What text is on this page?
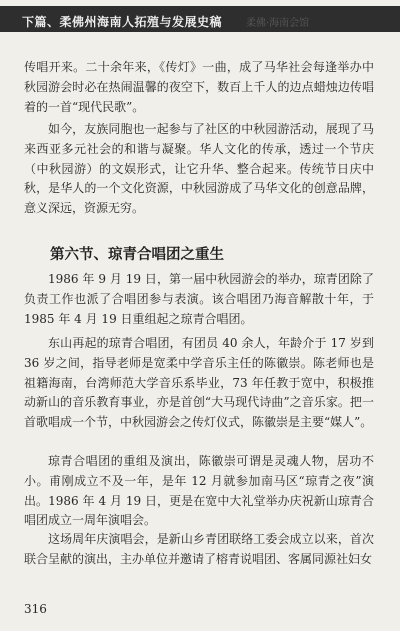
下篇、柔佛州海南人拓殖与发展史稿 柔佛·海南会馆

传唱开来。二十余年来，《传灯》一曲，成了马华社会每逢举办中秋园游会时必在热闹温馨的夜空下，数百上千人的边点蜡烛边传唱着的一首“现代民歌”。

如今，友族同胞也一起参与了社区的中秋园游活动，展现了马来西亚多元社会的和谐与凝聚。华人文化的传承，透过一个节庆（中秋园游）的文娱形式，让它升华、整合起来。传统节日庆中秋，是华人的一个文化资源，中秋园游成了马华文化的创意品牌，意义深远，资源无穷。

第六节、琼青合唱团之重生

1986 年 9 月 19 日，第一届中秋园游会的举办，琼青团除了负责工作也派了合唱团参与表演。该合唱团乃海音解散十年，于 1985 年 4 月 19 日重组起之琼青合唱团。

东山再起的琼青合唱团，有团员 40 余人，年龄介于 17 岁到 36 岁之间，指导老师是宽柔中学音乐主任的陈徽崇。陈老师也是祖籍海南，台湾师范大学音乐系毕业，73 年任教于宽中，积极推动新山的音乐教育事业，亦是首创“大马现代诗曲”之音乐家。把一首歌唱成一个节，中秋园游会之传灯仪式，陈徽崇是主要“媒人”。

琼青合唱团的重组及演出，陈徽崇可谓是灵魂人物，居功不小。甫刚成立不及一年，是年 12 月就参加南马区“琼青之夜”演出。1986 年 4 月 19 日，更是在宽中大礼堂举办庆祝新山琼青合唱团成立一周年演唱会。

这场周年庆演唱会，是新山乡青团联络工委会成立以来，首次联合呈献的演出，主办单位并邀请了榕青说唱团、客属同源社妇女

316
